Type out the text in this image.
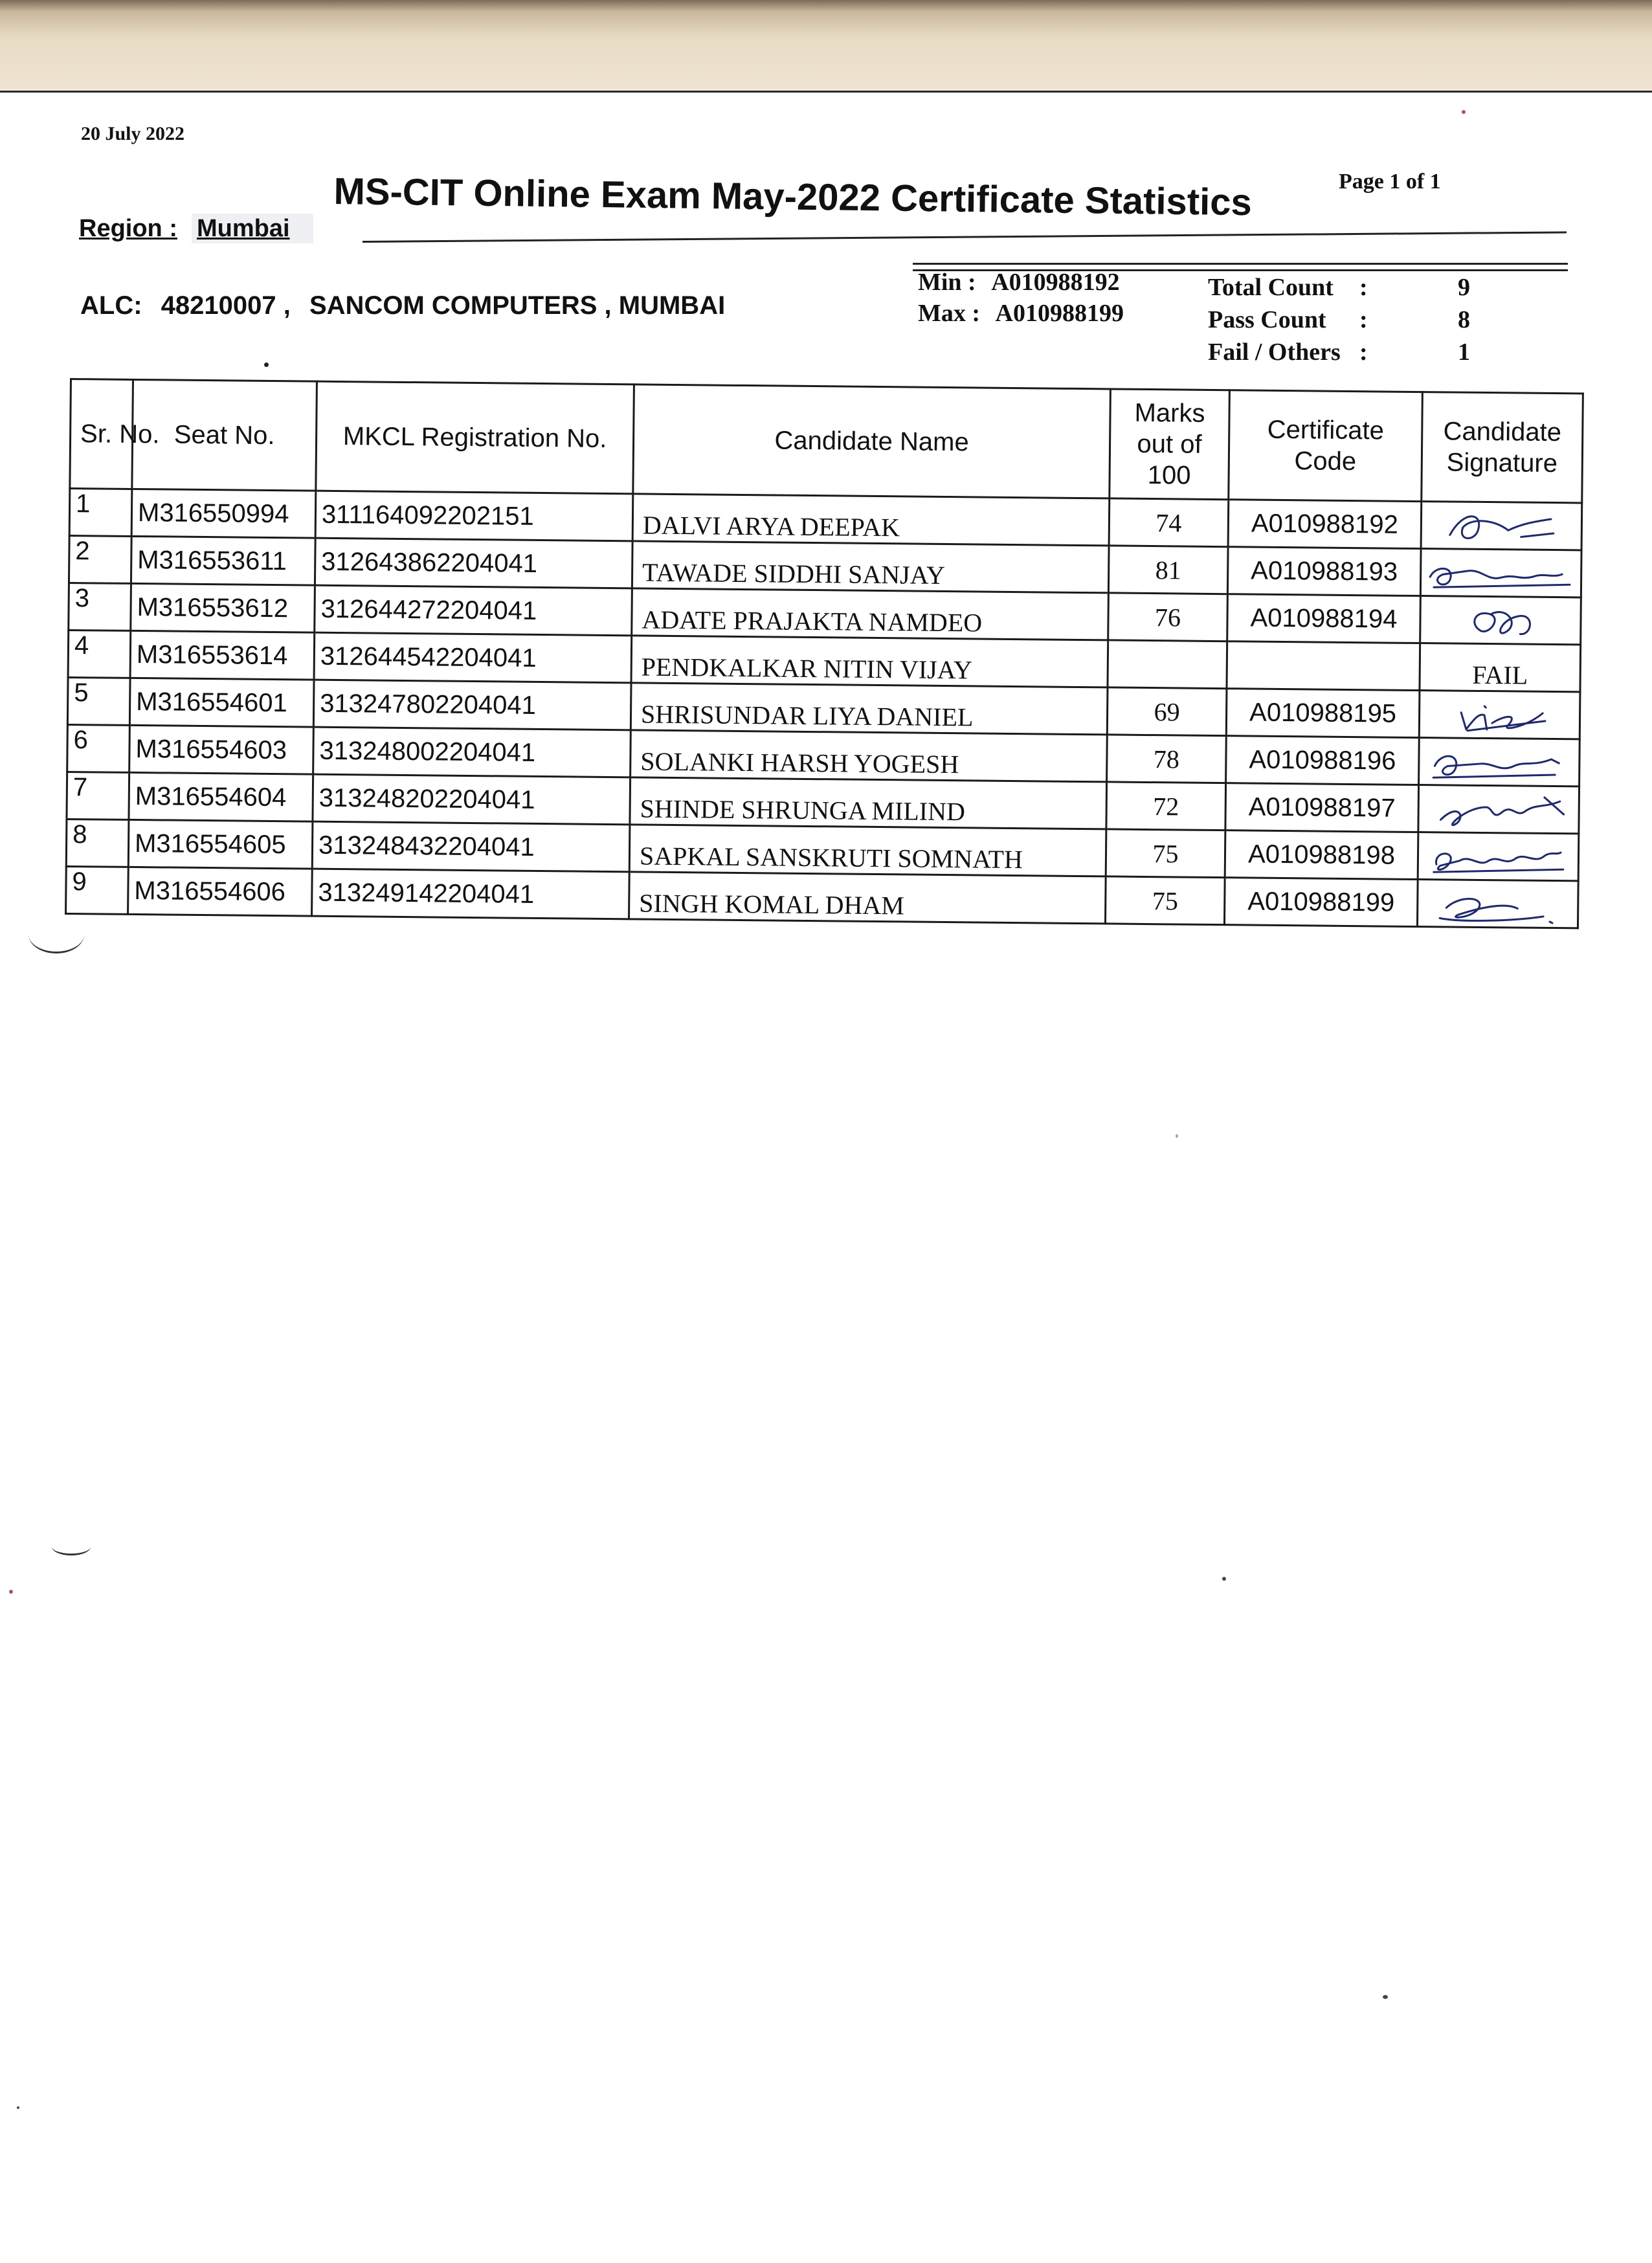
20 July 2022
Page 1 of 1
MS-CIT Online Exam May-2022 Certificate Statistics
Region : Mumbai
ALC: 48210007 , SANCOM COMPUTERS , MUMBAI
Min : A010988192
Max : A010988199
Total Count :	9
Pass Count :	8
Fail / Others :	1
Sr. No.	Seat No.	MKCL Registration No.	Candidate Name	Marks out of 100	Certificate Code	Candidate Signature
1	M316550994	311164092202151	DALVI ARYA DEEPAK	74	A010988192	

2	M316553611	312643862204041	TAWADE SIDDHI SANJAY	81	A010988193	

3	M316553612	312644272204041	ADATE PRAJAKTA NAMDEO	76	A010988194	

4	M316553614	312644542204041	PENDKALKAR NITIN VIJAY			FAIL
5	M316554601	313247802204041	SHRISUNDAR LIYA DANIEL	69	A010988195	

6	M316554603	313248002204041	SOLANKI HARSH YOGESH	78	A010988196	

7	M316554604	313248202204041	SHINDE SHRUNGA MILIND	72	A010988197	

8	M316554605	313248432204041	SAPKAL SANSKRUTI SOMNATH	75	A010988198	

9	M316554606	313249142204041	SINGH KOMAL DHAM	75	A010988199	
